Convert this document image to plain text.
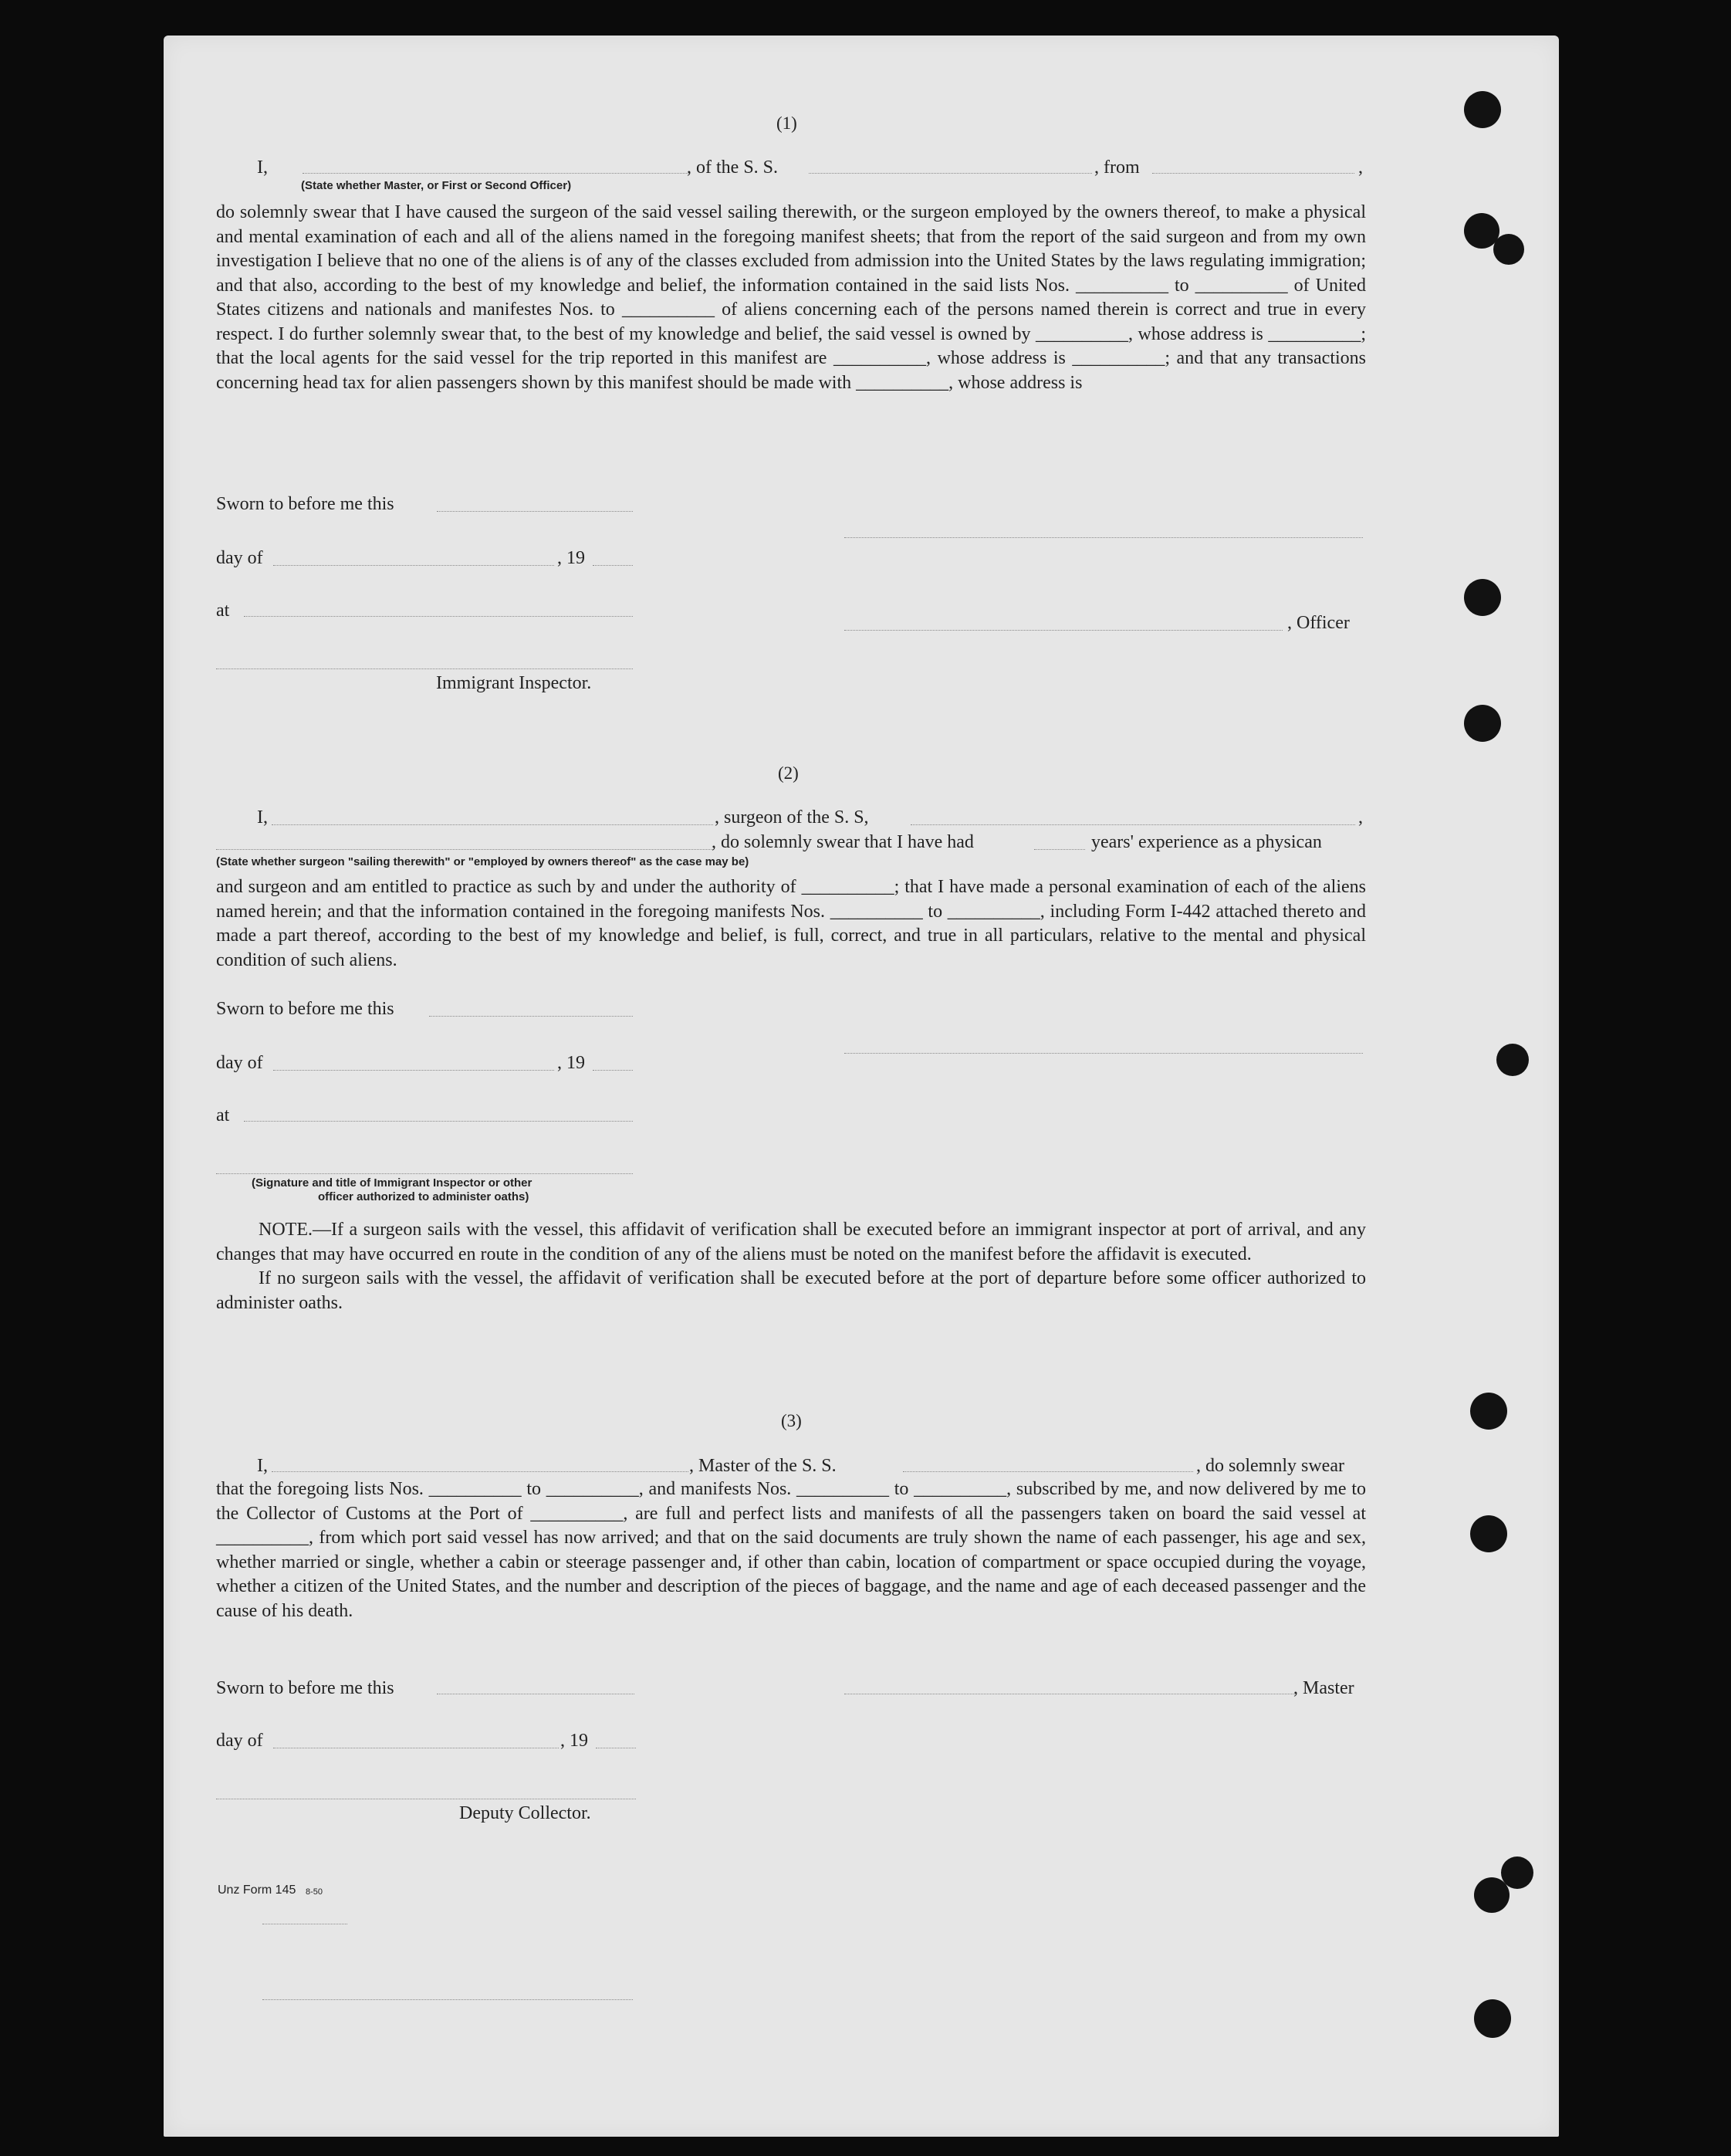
(1)
I,
(State whether Master, or First or Second Officer)
, of the S. S.	, from	,

do solemnly swear that I have caused the surgeon of the said vessel sailing therewith, or the surgeon employed by the owners thereof, to make a physical and mental examination of each and all of the aliens named in the foregoing manifest sheets; that from the report of the said surgeon and from my own investigation I believe that no one of the aliens is of any of the classes excluded from admission into the United States by the laws regulating immigration; and that also, according to the best of my knowledge and belief, the information contained in the said lists Nos. __________ to __________ of United States citizens and nationals and manifestes Nos. to __________ of aliens concerning each of the persons named therein is correct and true in every respect. I do further solemnly swear that, to the best of my knowledge and belief, the said vessel is owned by __________, whose address is __________; that the local agents for the said vessel for the trip reported in this manifest are __________, whose address is __________; and that any transactions concerning head tax for alien passengers shown by this manifest should be made with __________, whose address is

Sworn to before me this
day of	, 19
at
, Officer
Immigrant Inspector.
(2)
I,	, surgeon of the S. S,	,
(State whether surgeon "sailing therewith" or "employed by owners thereof" as the case may be)
, do solemnly swear that I have had	years' experience as a physican

and surgeon and am entitled to practice as such by and under the authority of __________; that I have made a personal examination of each of the aliens named herein; and that the information contained in the foregoing manifests Nos. __________ to __________, including Form I-442 attached thereto and made a part thereof, according to the best of my knowledge and belief, is full, correct, and true in all particulars, relative to the mental and physical condition of such aliens.

Sworn to before me this
day of	, 19
at
(Signature and title of Immigrant Inspector or other
officer authorized to administer oaths)

NOTE.—If a surgeon sails with the vessel, this affidavit of verification shall be executed before an immigrant inspector at port of arrival, and any changes that may have occurred en route in the condition of any of the aliens must be noted on the manifest before the affidavit is executed.

If no surgeon sails with the vessel, the affidavit of verification shall be executed before at the port of departure before some officer authorized to administer oaths.

(3)
I,	, Master of the S. S.	, do solemnly swear

that the foregoing lists Nos. __________ to __________, and manifests Nos. __________ to __________, subscribed by me, and now delivered by me to the Collector of Customs at the Port of __________, are full and perfect lists and manifests of all the passengers taken on board the said vessel at __________, from which port said vessel has now arrived; and that on the said documents are truly shown the name of each passenger, his age and sex, whether married or single, whether a cabin or steerage passenger and, if other than cabin, location of compartment or space occupied during the voyage, whether a citizen of the United States, and the number and description of the pieces of baggage, and the name and age of each deceased passenger and the cause of his death.

Sworn to before me this	, Master
day of	, 19
Deputy Collector.
Unz Form 145 8-50
